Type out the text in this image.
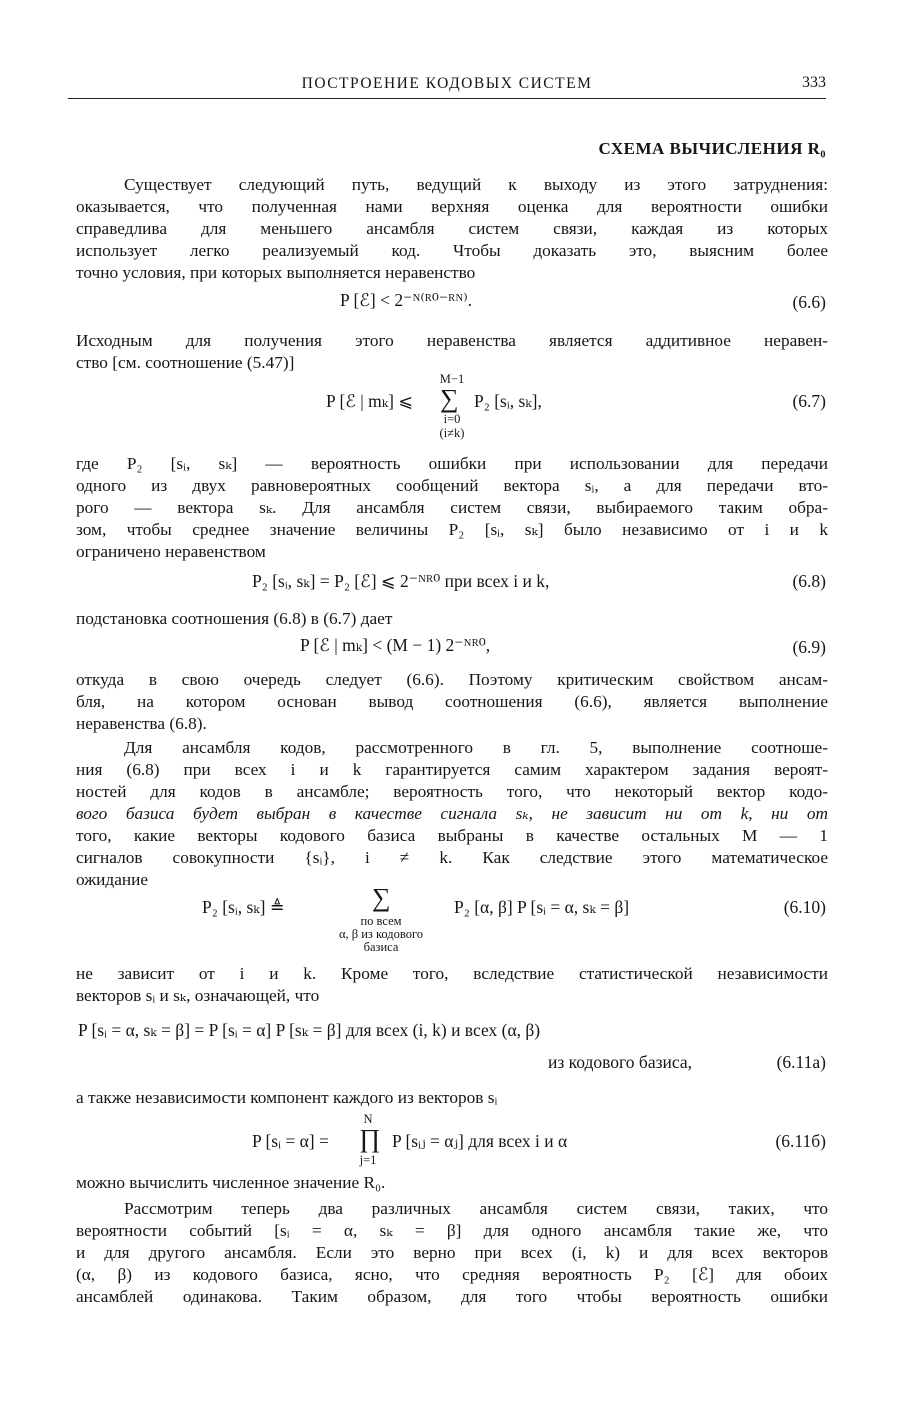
ПОСТРОЕНИЕ КОДОВЫХ СИСТЕМ	333
СХЕМА ВЫЧИСЛЕНИЯ R₀
Существует следующий путь, ведущий к выходу из этого затруднения:
оказывается, что полученная нами верхняя оценка для вероятности ошибки
справедлива для меньшего ансамбля систем связи, каждая из которых
использует легко реализуемый код. Чтобы доказать это, выясним более
точно условия, при которых выполняется неравенство
P [ℰ] < 2⁻ᴺ⁽ᴿ⁰⁻ᴿᴺ⁾.	(6.6)
Исходным для получения этого неравенства является аддитивное неравен-
ство [см. соотношение (5.47)]
M−1
P [ℰ | mₖ] ⩽ ∑ P₂ [sᵢ, sₖ],
i=0
(i≠k)
(6.7)
где P₂ [sᵢ, sₖ] — вероятность ошибки при использовании для передачи
одного из двух равновероятных сообщений вектора sᵢ, а для передачи вто-
рого — вектора sₖ. Для ансамбля систем связи, выбираемого таким обра-
зом, чтобы среднее значение величины P₂ [sᵢ, sₖ] было независимо от i и k
ограничено неравенством
P₂ [sᵢ, sₖ] = P₂ [ℰ] ⩽ 2⁻ᴺᴿ⁰ при всех i и k,	(6.8)
подстановка соотношения (6.8) в (6.7) дает
P [ℰ | mₖ] < (M − 1) 2⁻ᴺᴿ⁰,	(6.9)
откуда в свою очередь следует (6.6). Поэтому критическим свойством ансам-
бля, на котором основан вывод соотношения (6.6), является выполнение
неравенства (6.8).
Для ансамбля кодов, рассмотренного в гл. 5, выполнение соотноше-
ния (6.8) при всех i и k гарантируется самим характером задания вероят-
ностей для кодов в ансамбле; вероятность того, что некоторый вектор кодо-
вого базиса будет выбран в качестве сигнала sₖ, не зависит ни от k, ни от
того, какие векторы кодового базиса выбраны в качестве остальных M — 1
сигналов совокупности {sᵢ}, i ≠ k. Как следствие этого математическое
ожидание
P₂ [sᵢ, sₖ] ≜	∑
по всем
α, β из кодового
базиса
P₂ [α, β] P [sᵢ = α, sₖ = β]	(6.10)
не зависит от i и k. Кроме того, вследствие статистической независимости
векторов sᵢ и sₖ, означающей, что
P [sᵢ = α, sₖ = β] = P [sᵢ = α] P [sₖ = β] для всех (i, k) и всех (α, β)
из кодового базиса,	(6.11а)
а также независимости компонент каждого из векторов sᵢ
N
P [sᵢ = α] = ∏ P [sᵢⱼ = αⱼ] для всех i и α
j=1
(6.11б)
можно вычислить численное значение R₀.
Рассмотрим теперь два различных ансамбля систем связи, таких, что
вероятности событий [sᵢ = α, sₖ = β] для одного ансамбля такие же, что
и для другого ансамбля. Если это верно при всех (i, k) и для всех векторов
(α, β) из кодового базиса, ясно, что средняя вероятность P₂ [ℰ] для обоих
ансамблей одинакова. Таким образом, для того чтобы вероятность ошибки
